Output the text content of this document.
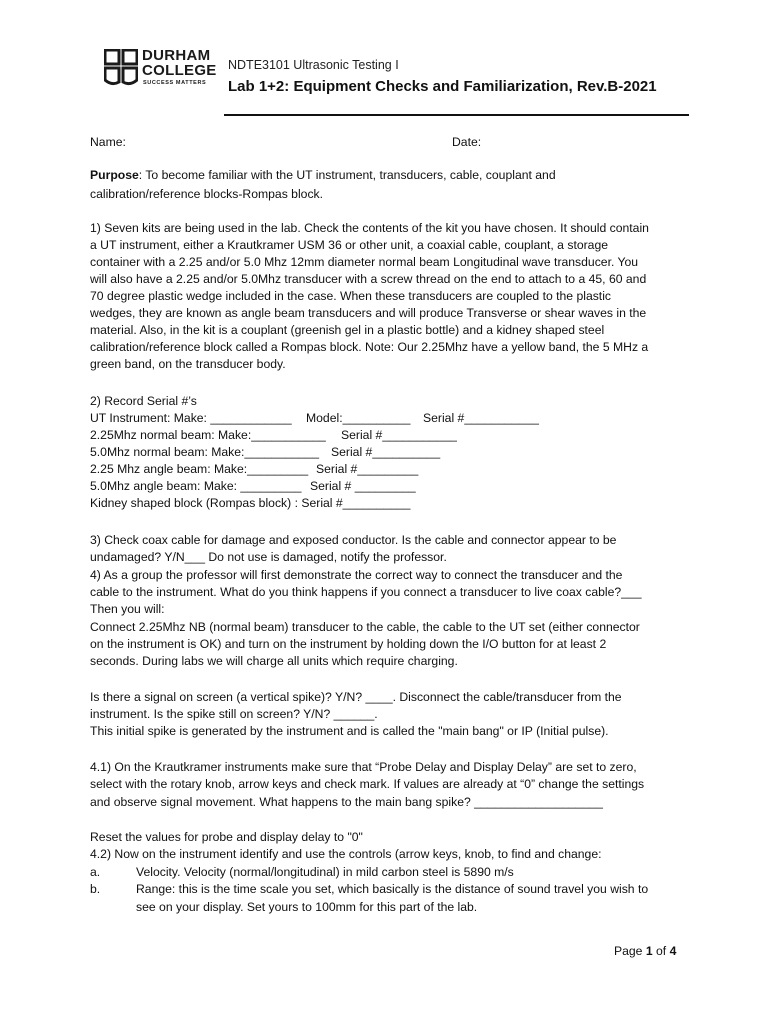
DURHAM
COLLEGE
SUCCESS MATTERS
NDTE3101 Ultrasonic Testing I
Lab 1+2: Equipment Checks and Familiarization, Rev.B-2021
Name:	Date:
Purpose: To become familiar with the UT instrument, transducers, cable, couplant and
calibration/reference blocks-Rompas block.
1) Seven kits are being used in the lab. Check the contents of the kit you have chosen. It should contain
a UT instrument, either a Krautkramer USM 36 or other unit, a coaxial cable, couplant, a storage
container with a 2.25 and/or 5.0 Mhz 12mm diameter normal beam Longitudinal wave transducer. You
will also have a 2.25 and/or 5.0Mhz transducer with a screw thread on the end to attach to a 45, 60 and
70 degree plastic wedge included in the case. When these transducers are coupled to the plastic
wedges, they are known as angle beam transducers and will produce Transverse or shear waves in the
material. Also, in the kit is a couplant (greenish gel in a plastic bottle) and a kidney shaped steel
calibration/reference block called a Rompas block. Note: Our 2.25Mhz have a yellow band, the 5 MHz a
green band, on the transducer body.
2) Record Serial #’s
UT Instrument: Make: ____________ Model:__________ Serial #___________
2.25Mhz normal beam: Make:___________ Serial #___________
5.0Mhz normal beam: Make:___________ Serial #__________
2.25 Mhz angle beam: Make:_________ Serial #_________
5.0Mhz angle beam: Make: _________ Serial # _________
Kidney shaped block (Rompas block) : Serial #__________
3) Check coax cable for damage and exposed conductor. Is the cable and connector appear to be
undamaged? Y/N___ Do not use is damaged, notify the professor.
4) As a group the professor will first demonstrate the correct way to connect the transducer and the
cable to the instrument. What do you think happens if you connect a transducer to live coax cable?___
Then you will:
Connect 2.25Mhz NB (normal beam) transducer to the cable, the cable to the UT set (either connector
on the instrument is OK) and turn on the instrument by holding down the I/O button for at least 2
seconds. During labs we will charge all units which require charging.
Is there a signal on screen (a vertical spike)? Y/N? ____. Disconnect the cable/transducer from the
instrument. Is the spike still on screen? Y/N? ______.
This initial spike is generated by the instrument and is called the "main bang" or IP (Initial pulse).
4.1) On the Krautkramer instruments make sure that “Probe Delay and Display Delay” are set to zero,
select with the rotary knob, arrow keys and check mark. If values are already at “0” change the settings
and observe signal movement. What happens to the main bang spike? ___________________
Reset the values for probe and display delay to "0"
4.2) Now on the instrument identify and use the controls (arrow keys, knob, to find and change:
a.	Velocity. Velocity (normal/longitudinal) in mild carbon steel is 5890 m/s
b.	Range: this is the time scale you set, which basically is the distance of sound travel you wish to
see on your display. Set yours to 100mm for this part of the lab.
Page 1 of 4
